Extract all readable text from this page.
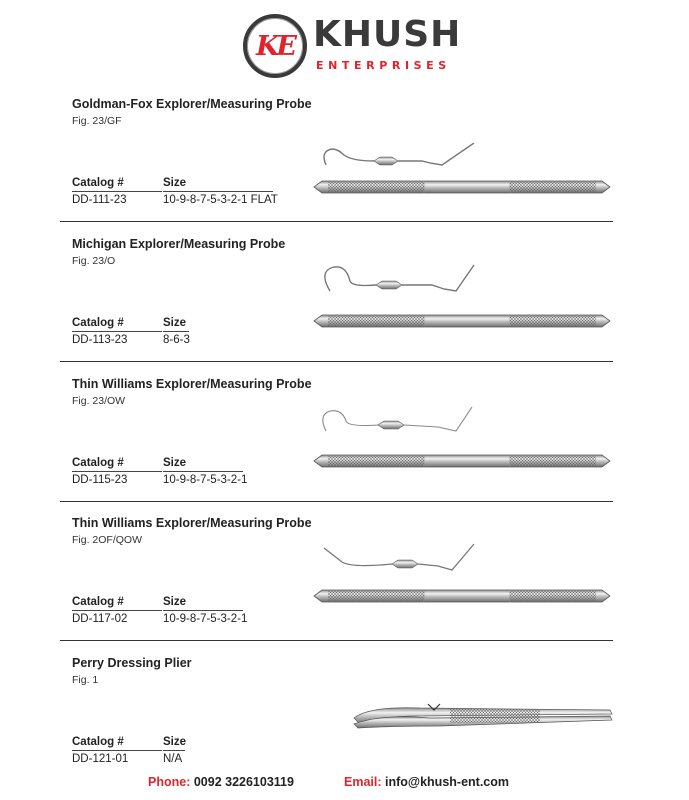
KE KHUSH
ENTERPRISES
Goldman-Fox Explorer/Measuring Probe
Fig. 23/GF
Catalog #	Size
DD-111-23	10-9-8-7-5-3-2-1 FLAT
Michigan Explorer/Measuring Probe
Fig. 23/O
Catalog #	Size
DD-113-23	8-6-3
Thin Williams Explorer/Measuring Probe
Fig. 23/OW
Catalog #	Size
DD-115-23	10-9-8-7-5-3-2-1
Thin Williams Explorer/Measuring Probe
Fig. 2OF/QOW
Catalog #	Size
DD-117-02	10-9-8-7-5-3-2-1
Perry Dressing Plier
Fig. 1
Catalog #	Size
DD-121-01	N/A
Phone: 0092 3226103119	Email: info@khush-ent.com
